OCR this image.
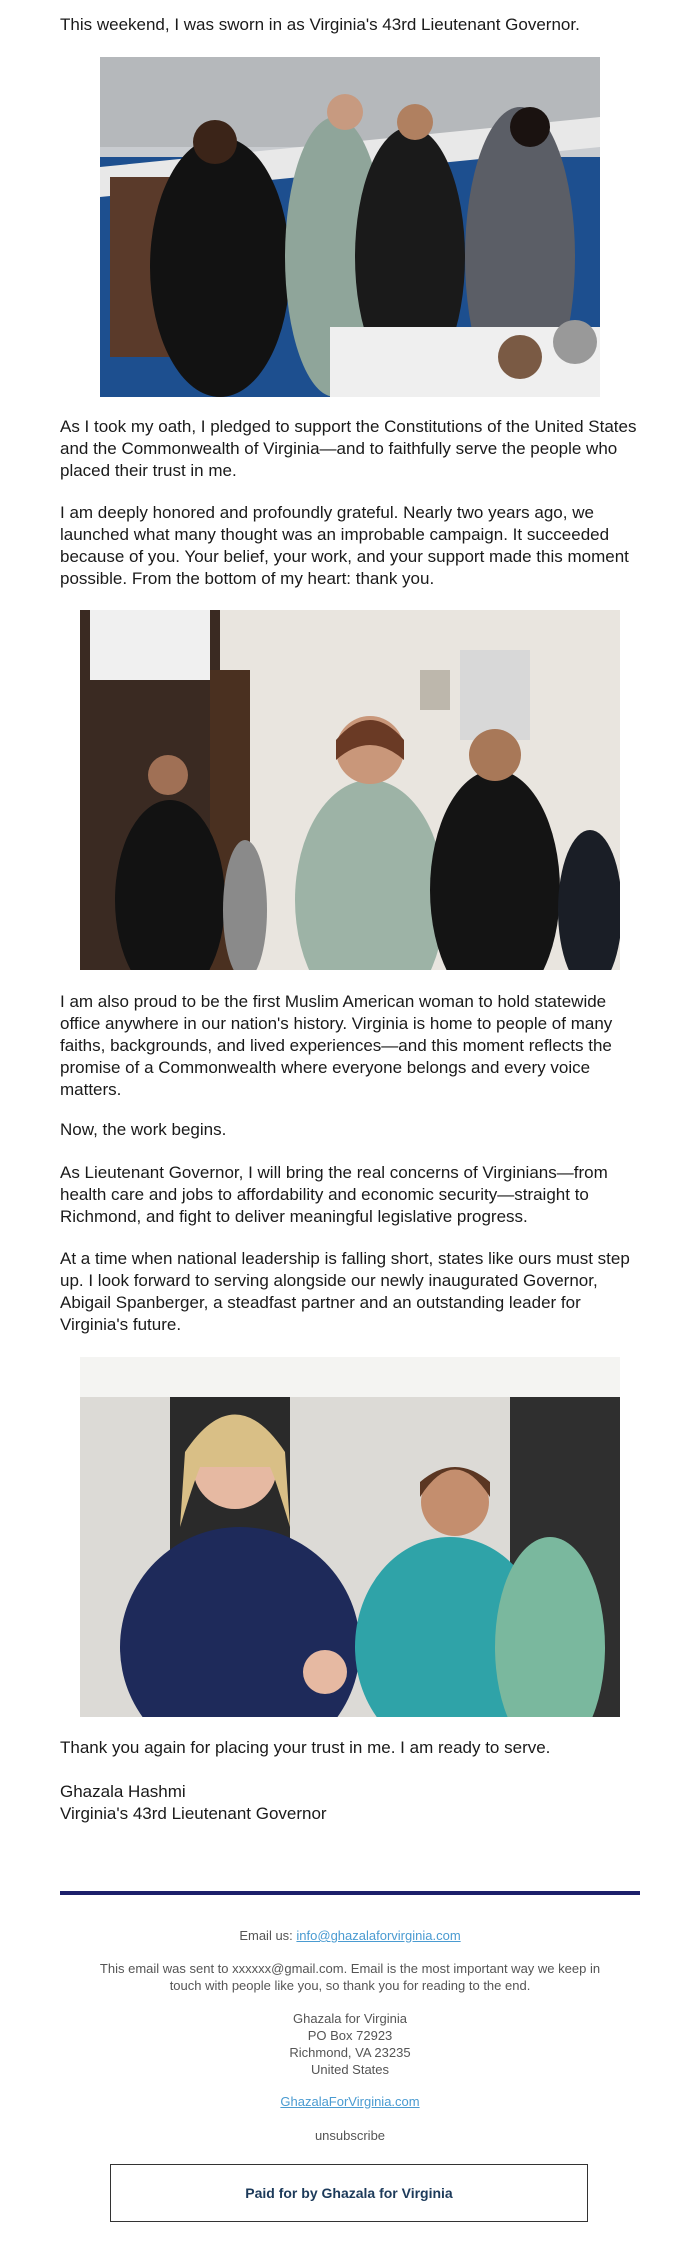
This weekend, I was sworn in as Virginia's 43rd Lieutenant Governor.

As I took my oath, I pledged to support the Constitutions of the United States and the Commonwealth of Virginia—and to faithfully serve the people who placed their trust in me.

I am deeply honored and profoundly grateful. Nearly two years ago, we launched what many thought was an improbable campaign. It succeeded because of you. Your belief, your work, and your support made this moment possible. From the bottom of my heart: thank you.

I am also proud to be the first Muslim American woman to hold statewide office anywhere in our nation's history. Virginia is home to people of many faiths, backgrounds, and lived experiences—and this moment reflects the promise of a Commonwealth where everyone belongs and every voice matters.

Now, the work begins.

As Lieutenant Governor, I will bring the real concerns of Virginians—from health care and jobs to affordability and economic security—straight to Richmond, and fight to deliver meaningful legislative progress.

At a time when national leadership is falling short, states like ours must step up. I look forward to serving alongside our newly inaugurated Governor, Abigail Spanberger, a steadfast partner and an outstanding leader for Virginia's future.

Thank you again for placing your trust in me. I am ready to serve.

Ghazala Hashmi

Virginia's 43rd Lieutenant Governor

Email us: info@ghazalaforvirginia.com
This email was sent to xxxxxx@gmail.com. Email is the most important way we keep in touch with people like you, so thank you for reading to the end.
Ghazala for Virginia
PO Box 72923
Richmond, VA 23235
United States
GhazalaForVirginia.com
unsubscribe
Paid for by Ghazala for Virginia
